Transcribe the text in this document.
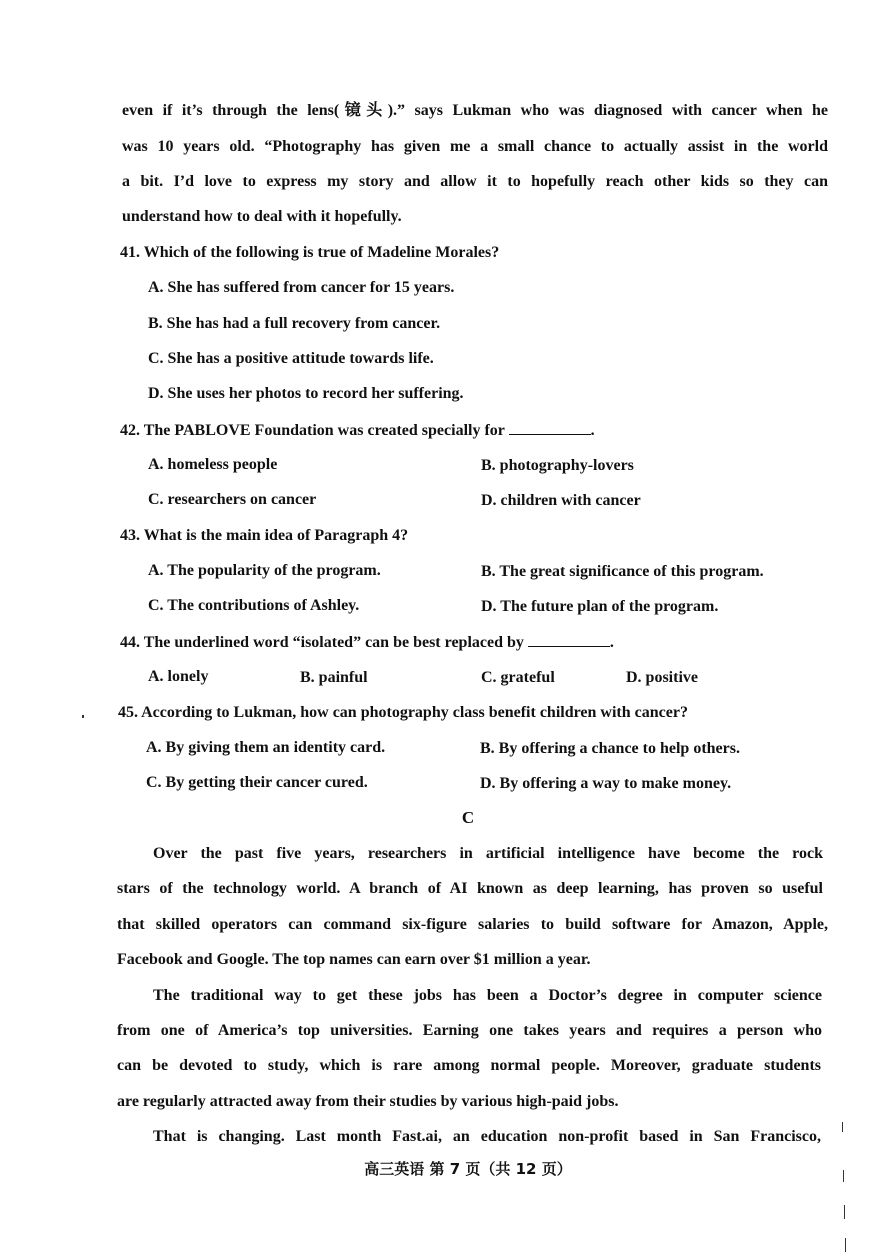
even if it’s through the lens(镜头).” says Lukman who was diagnosed with cancer when he
was 10 years old. “Photography has given me a small chance to actually assist in the world
a bit. I’d love to express my story and allow it to hopefully reach other kids so they can
understand how to deal with it hopefully.
41. Which of the following is true of Madeline Morales?
A. She has suffered from cancer for 15 years.
B. She has had a full recovery from cancer.
C. She has a positive attitude towards life.
D. She uses her photos to record her suffering.
42. The PABLOVE Foundation was created specially for	.
A. homeless people	B. photography-lovers
C. researchers on cancer	D. children with cancer
43. What is the main idea of Paragraph 4?
A. The popularity of the program.	B. The great significance of this program.
C. The contributions of Ashley.	D. The future plan of the program.
44. The underlined word “isolated” can be best replaced by	.
A. lonely	B. painful	C. grateful	D. positive
45. According to Lukman, how can photography class benefit children with cancer?
A. By giving them an identity card.	B. By offering a chance to help others.
C. By getting their cancer cured.	D. By offering a way to make money.
C
Over the past five years, researchers in artificial intelligence have become the rock
stars of the technology world. A branch of AI known as deep learning, has proven so useful
that skilled operators can command six-figure salaries to build software for Amazon, Apple,
Facebook and Google. The top names can earn over $1 million a year.
The traditional way to get these jobs has been a Doctor’s degree in computer science
from one of America’s top universities. Earning one takes years and requires a person who
can be devoted to study, which is rare among normal people. Moreover, graduate students
are regularly attracted away from their studies by various high-paid jobs.
That is changing. Last month Fast.ai, an education non-profit based in San Francisco,
高三英语 第 7 页（共 12 页）
